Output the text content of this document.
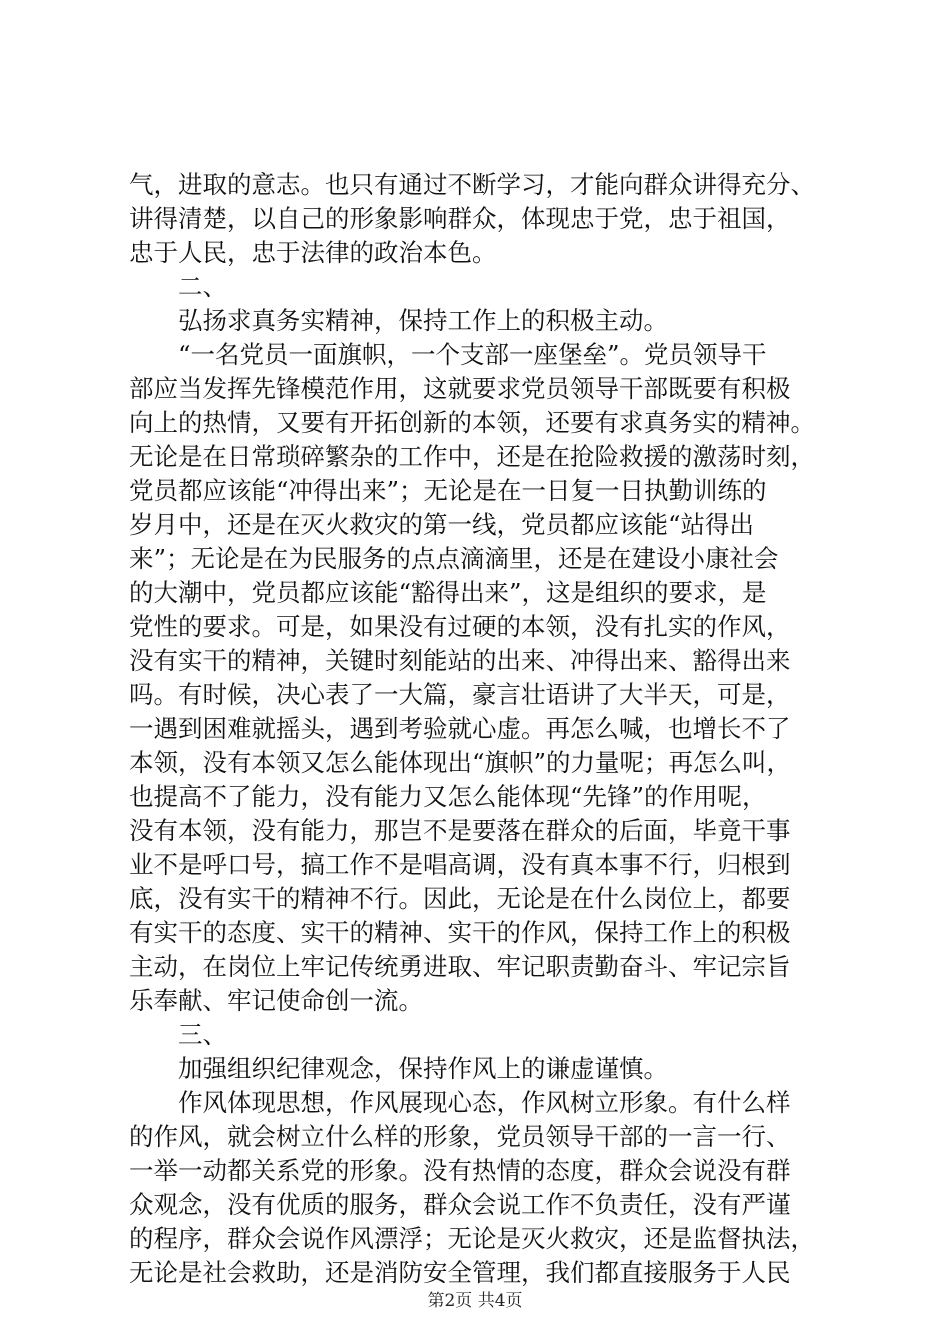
气，进取的意志。也只有通过不断学习，才能向群众讲得充分、
讲得清楚，以自己的形象影响群众，体现忠于党，忠于祖国，
忠于人民，忠于法律的政治本色。
二、
弘扬求真务实精神，保持工作上的积极主动。
“一名党员一面旗帜，一个支部一座堡垒”。党员领导干
部应当发挥先锋模范作用，这就要求党员领导干部既要有积极
向上的热情，又要有开拓创新的本领，还要有求真务实的精神。
无论是在日常琐碎繁杂的工作中，还是在抢险救援的激荡时刻，
党员都应该能“冲得出来”；无论是在一日复一日执勤训练的
岁月中，还是在灭火救灾的第一线，党员都应该能“站得出
来”；无论是在为民服务的点点滴滴里，还是在建设小康社会
的大潮中，党员都应该能“豁得出来”，这是组织的要求，是
党性的要求。可是，如果没有过硬的本领，没有扎实的作风，
没有实干的精神，关键时刻能站的出来、冲得出来、豁得出来
吗。有时候，决心表了一大篇，豪言壮语讲了大半天，可是，
一遇到困难就摇头，遇到考验就心虚。再怎么喊，也增长不了
本领，没有本领又怎么能体现出“旗帜”的力量呢；再怎么叫，
也提高不了能力，没有能力又怎么能体现“先锋”的作用呢，
没有本领，没有能力，那岂不是要落在群众的后面，毕竟干事
业不是呼口号，搞工作不是唱高调，没有真本事不行，归根到
底，没有实干的精神不行。因此，无论是在什么岗位上，都要
有实干的态度、实干的精神、实干的作风，保持工作上的积极
主动，在岗位上牢记传统勇进取、牢记职责勤奋斗、牢记宗旨
乐奉献、牢记使命创一流。
三、
加强组织纪律观念，保持作风上的谦虚谨慎。
作风体现思想，作风展现心态，作风树立形象。有什么样
的作风，就会树立什么样的形象，党员领导干部的一言一行、
一举一动都关系党的形象。没有热情的态度，群众会说没有群
众观念，没有优质的服务，群众会说工作不负责任，没有严谨
的程序，群众会说作风漂浮；无论是灭火救灾，还是监督执法，
无论是社会救助，还是消防安全管理，我们都直接服务于人民
第2页 共4页
